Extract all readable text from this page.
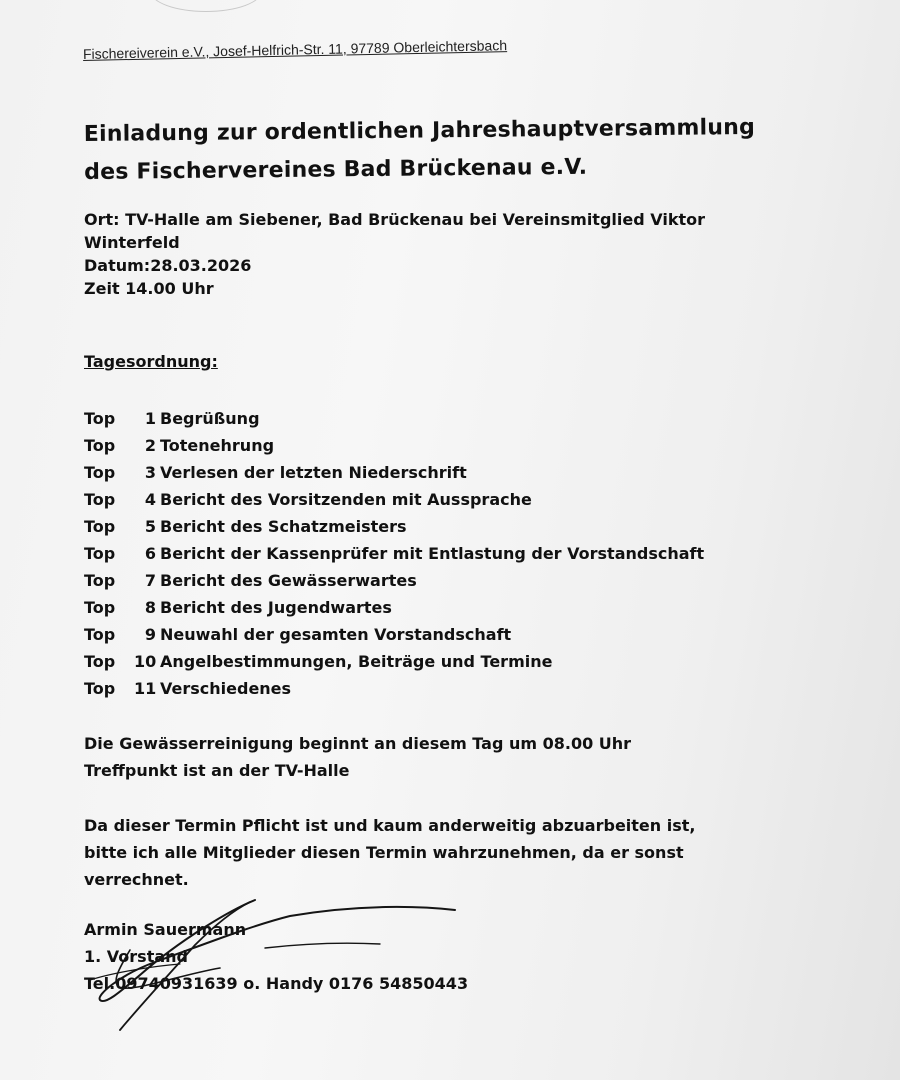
Fischereiverein e.V., Josef-Helfrich-Str. 11, 97789 Oberleichtersbach
Einladung zur ordentlichen Jahreshauptversammlung
des Fischervereines Bad Brückenau e.V.
Ort: TV-Halle am Siebener, Bad Brückenau bei Vereinsmitglied Viktor
Winterfeld
Datum:28.03.2026
Zeit 14.00 Uhr
Tagesordnung:
Top 1 Begrüßung
Top 2 Totenehrung
Top 3 Verlesen der letzten Niederschrift
Top 4 Bericht des Vorsitzenden mit Aussprache
Top 5 Bericht des Schatzmeisters
Top 6 Bericht der Kassenprüfer mit Entlastung der Vorstandschaft
Top 7 Bericht des Gewässerwartes
Top 8 Bericht des Jugendwartes
Top 9 Neuwahl der gesamten Vorstandschaft
Top 10 Angelbestimmungen, Beiträge und Termine
Top 11 Verschiedenes
Die Gewässerreinigung beginnt an diesem Tag um 08.00 Uhr
Treffpunkt ist an der TV-Halle
Da dieser Termin Pflicht ist und kaum anderweitig abzuarbeiten ist,
bitte ich alle Mitglieder diesen Termin wahrzunehmen, da er sonst
verrechnet.
Armin Sauermann
1. Vorstand
Tel.09740931639 o. Handy 0176 54850443
